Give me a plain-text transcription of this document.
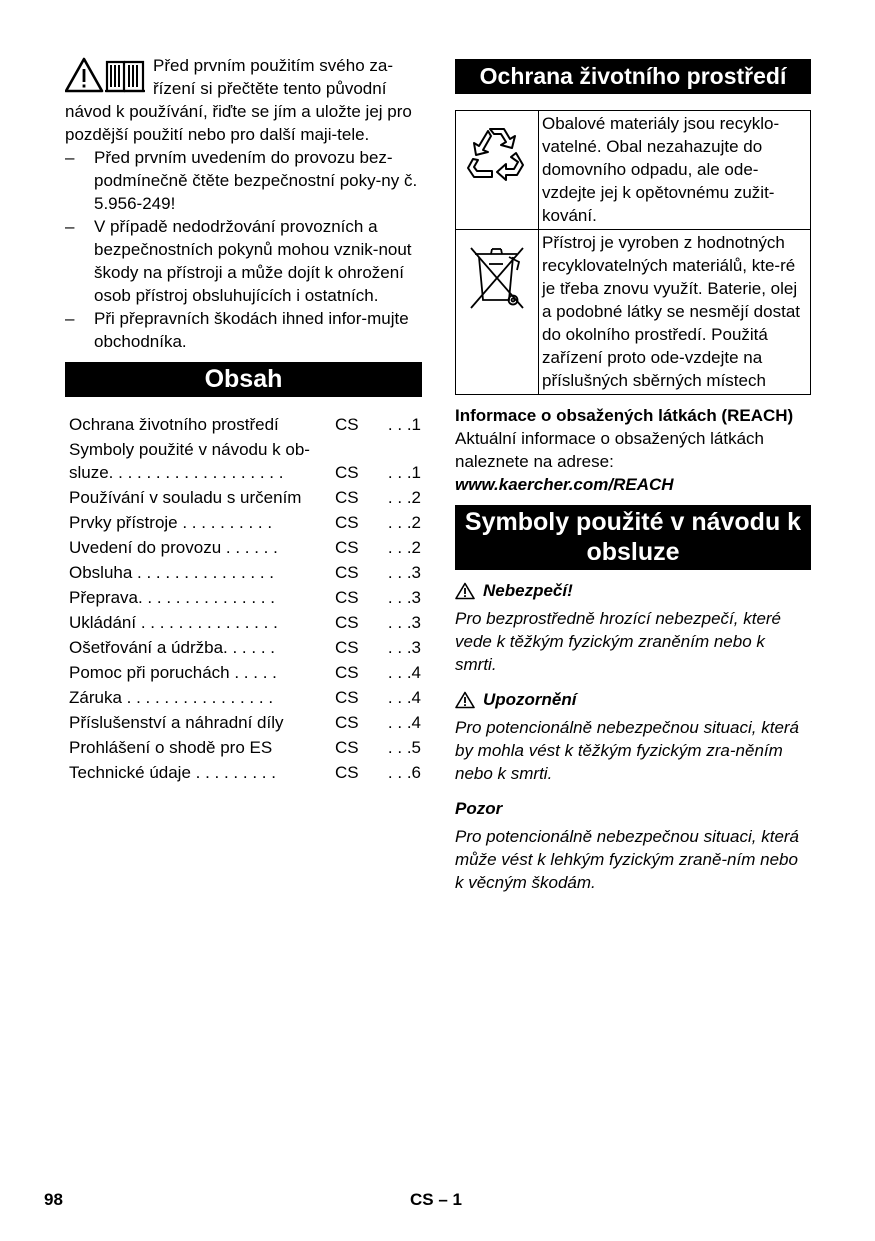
Před prvním použitím svého za-řízení si přečtěte tento původní návod k používání, řiďte se jím a uložte jej pro pozdější použití nebo pro další maji-tele.

– Před prvním uvedením do provozu bez-podmínečně čtěte bezpečnostní poky-ny č. 5.956-249!
– V případě nedodržování provozních a bezpečnostních pokynů mohou vznik-nout škody na přístroji a může dojít k ohrožení osob přístroj obsluhujících i ostatních.
– Při přepravních škodách ihned infor-mujte obchodníka.
Obsah
Ochrana životního prostředí	CS	. . .1
Symboly použité v návodu k ob-sluze. . . . . . . . . . . . . . . . . . .	CS	. . .1
Používání v souladu s určením	CS	. . .2
Prvky přístroje . . . . . . . . . .	CS	. . .2
Uvedení do provozu . . . . . .	CS	. . .2
Obsluha . . . . . . . . . . . . . . .	CS	. . .3
Přeprava. . . . . . . . . . . . . . .	CS	. . .3
Ukládání . . . . . . . . . . . . . . .	CS	. . .3
Ošetřování a údržba. . . . . .	CS	. . .3
Pomoc při poruchách . . . . .	CS	. . .4
Záruka . . . . . . . . . . . . . . . .	CS	. . .4
Příslušenství a náhradní díly	CS	. . .4
Prohlášení o shodě pro ES	CS	. . .5
Technické údaje . . . . . . . . .	CS	. . .6
Ochrana životního prostředí
	Obalové materiály jsou recyklo-vatelné. Obal nezahazujte do domovního odpadu, ale ode-vzdejte jej k opětovnému zužit-kování.

	Přístroj je vyroben z hodnotných recyklovatelných materiálů, kte-ré je třeba znovu využít. Baterie, olej a podobné látky se nesmějí dostat do okolního prostředí. Použitá zařízení proto ode-vzdejte na příslušných sběrných místech
Informace o obsažených látkách (REACH)

Aktuální informace o obsažených látkách naleznete na adrese:

www.kaercher.com/REACH

Symboly použité v návodu k obsluze
Nebezpečí!

Pro bezprostředně hrozící nebezpečí, které vede k těžkým fyzickým zraněním nebo k smrti.

Upozornění

Pro potencionálně nebezpečnou situaci, která by mohla vést k těžkým fyzickým zra-něním nebo k smrti.

Pozor

Pro potencionálně nebezpečnou situaci, která může vést k lehkým fyzickým zraně-ním nebo k věcným škodám.

98	CS – 1
